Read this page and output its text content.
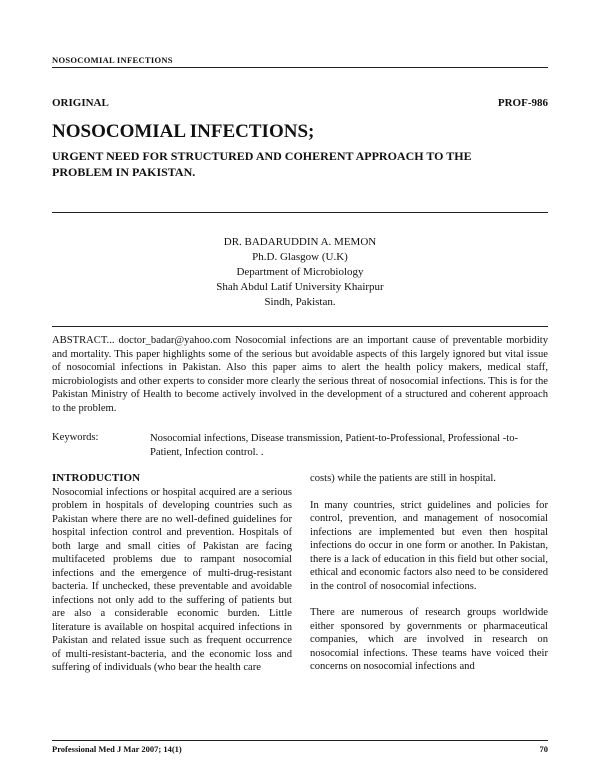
NOSOCOMIAL INFECTIONS
ORIGINAL	PROF-986
NOSOCOMIAL INFECTIONS;
URGENT NEED FOR STRUCTURED AND COHERENT APPROACH TO THE PROBLEM IN PAKISTAN.
DR. BADARUDDIN A. MEMON
Ph.D. Glasgow (U.K)
Department of Microbiology
Shah Abdul Latif University Khairpur
Sindh, Pakistan.
ABSTRACT... doctor_badar@yahoo.com Nosocomial infections are an important cause of preventable morbidity and mortality. This paper highlights some of the serious but avoidable aspects of this largely ignored but vital issue of nosocomial infections in Pakistan. Also this paper aims to alert the health policy makers, medical staff, microbiologists and other experts to consider more clearly the serious threat of nosocomial infections. This is for the Pakistan Ministry of Health to become actively involved in the development of a structured and coherent approach to the problem.
Keywords:	Nosocomial infections, Disease transmission, Patient-to-Professional, Professional -to-Patient, Infection control. .
INTRODUCTION
Nosocomial infections or hospital acquired are a serious problem in hospitals of developing countries such as Pakistan where there are no well-defined guidelines for hospital infection control and prevention. Hospitals of both large and small cities of Pakistan are facing multifaceted problems due to rampant nosocomial infections and the emergence of multi-drug-resistant bacteria. If unchecked, these preventable and avoidable infections not only add to the suffering of patients but are also a considerable economic burden. Little literature is available on hospital acquired infections in Pakistan and related issue such as frequent occurrence of multi-resistant-bacteria, and the economic loss and suffering of individuals (who bear the health care

costs) while the patients are still in hospital.

In many countries, strict guidelines and policies for control, prevention, and management of nosocomial infections are implemented but even then hospital infections do occur in one form or another. In Pakistan, there is a lack of education in this field but other social, ethical and economic factors also need to be considered in the control of nosocomial infections.

There are numerous of research groups worldwide either sponsored by governments or pharmaceutical companies, which are involved in research on nosocomial infections. These teams have voiced their concerns on nosocomial infections and

Professional Med J Mar 2007; 14(1)	70
